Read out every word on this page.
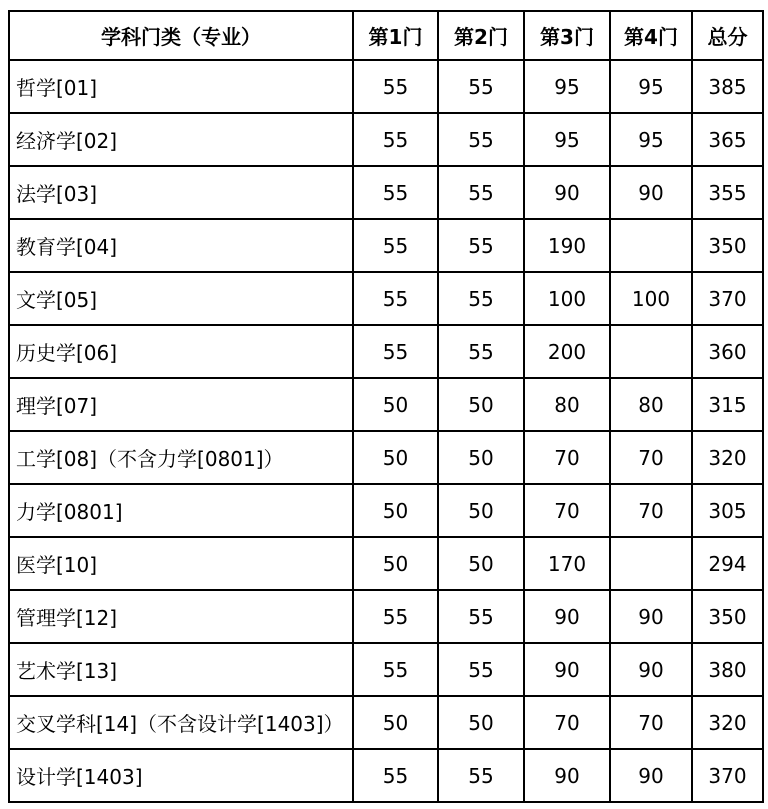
学科门类（专业）	第1门	第2门	第3门	第4门	总分
哲学[01]	55	55	95	95	385
经济学[02]	55	55	95	95	365
法学[03]	55	55	90	90	355
教育学[04]	55	55	190		350
文学[05]	55	55	100	100	370
历史学[06]	55	55	200		360
理学[07]	50	50	80	80	315
工学[08]（不含力学[0801]）	50	50	70	70	320
力学[0801]	50	50	70	70	305
医学[10]	50	50	170		294
管理学[12]	55	55	90	90	350
艺术学[13]	55	55	90	90	380
交叉学科[14]（不含设计学[1403]）	50	50	70	70	320
设计学[1403]	55	55	90	90	370
